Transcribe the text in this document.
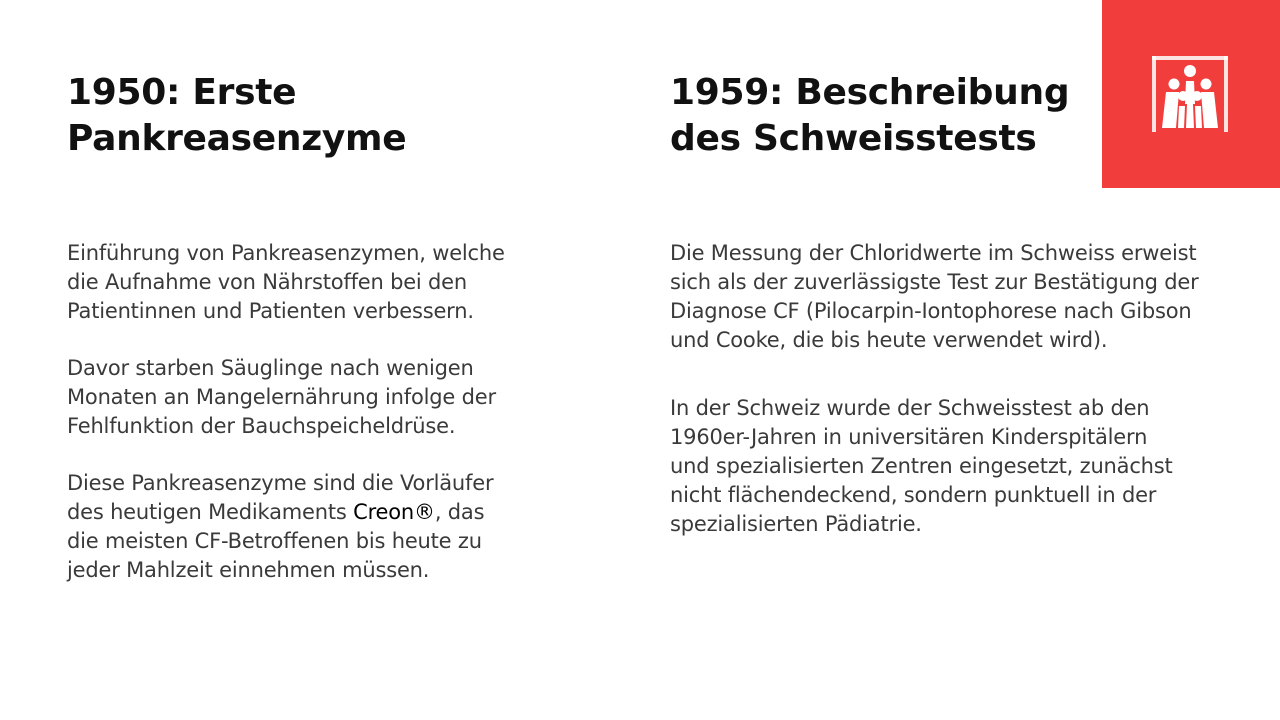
1950: Erste
Pankreasenzyme

Einführung von Pankreasenzymen, welche
die Aufnahme von Nährstoffen bei den
Patientinnen und Patienten verbessern.

Davor starben Säuglinge nach wenigen
Monaten an Mangelernährung infolge der
Fehlfunktion der Bauchspeicheldrüse.

Diese Pankreasenzyme sind die Vorläufer
des heutigen Medikaments Creon®, das
die meisten CF-Betroffenen bis heute zu
jeder Mahlzeit einnehmen müssen.

1959: Beschreibung
des Schweisstests

Die Messung der Chloridwerte im Schweiss erweist
sich als der zuverlässigste Test zur Bestätigung der
Diagnose CF (Pilocarpin-Iontophorese nach Gibson
und Cooke, die bis heute verwendet wird).

In der Schweiz wurde der Schweisstest ab den
1960er-Jahren in universitären Kinderspitälern
und spezialisierten Zentren eingesetzt, zunächst
nicht flächendeckend, sondern punktuell in der
spezialisierten Pädiatrie.
